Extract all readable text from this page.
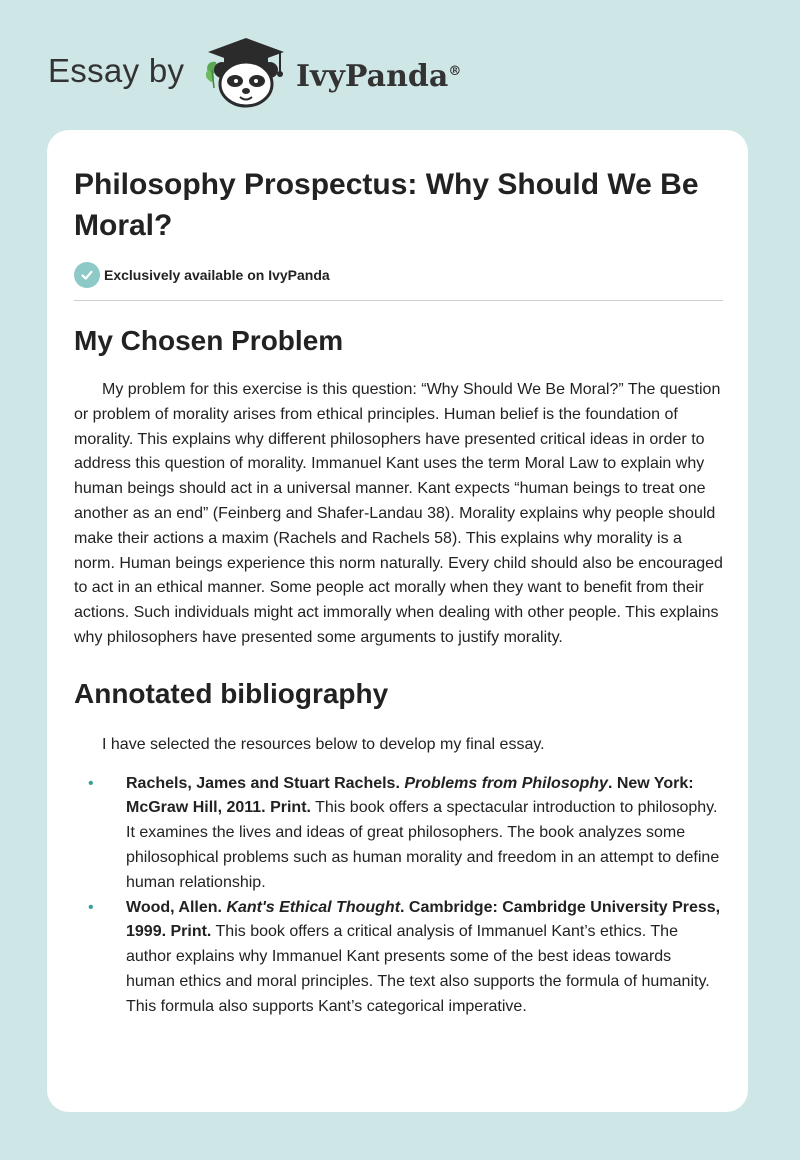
Essay by	IvyPanda®
Philosophy Prospectus: Why Should We Be Moral?
Exclusively available on IvyPanda
My Chosen Problem

My problem for this exercise is this question: “Why Should We Be Moral?” The question or problem of morality arises from ethical principles. Human belief is the foundation of morality. This explains why different philosophers have presented critical ideas in order to address this question of morality. Immanuel Kant uses the term Moral Law to explain why human beings should act in a universal manner. Kant expects “human beings to treat one another as an end” (Feinberg and Shafer-Landau 38). Morality explains why people should make their actions a maxim (Rachels and Rachels 58). This explains why morality is a norm. Human beings experience this norm naturally. Every child should also be encouraged to act in an ethical manner. Some people act morally when they want to benefit from their actions. Such individuals might act immorally when dealing with other people. This explains why philosophers have presented some arguments to justify morality.

Annotated bibliography

I have selected the resources below to develop my final essay.

• Rachels, James and Stuart Rachels. Problems from Philosophy. New York: McGraw Hill, 2011. Print. This book offers a spectacular introduction to philosophy. It examines the lives and ideas of great philosophers. The book analyzes some philosophical problems such as human morality and freedom in an attempt to define human relationship.
• Wood, Allen. Kant's Ethical Thought. Cambridge: Cambridge University Press, 1999. Print. This book offers a critical analysis of Immanuel Kant’s ethics. The author explains why Immanuel Kant presents some of the best ideas towards human ethics and moral principles. The text also supports the formula of humanity. This formula also supports Kant’s categorical imperative.
